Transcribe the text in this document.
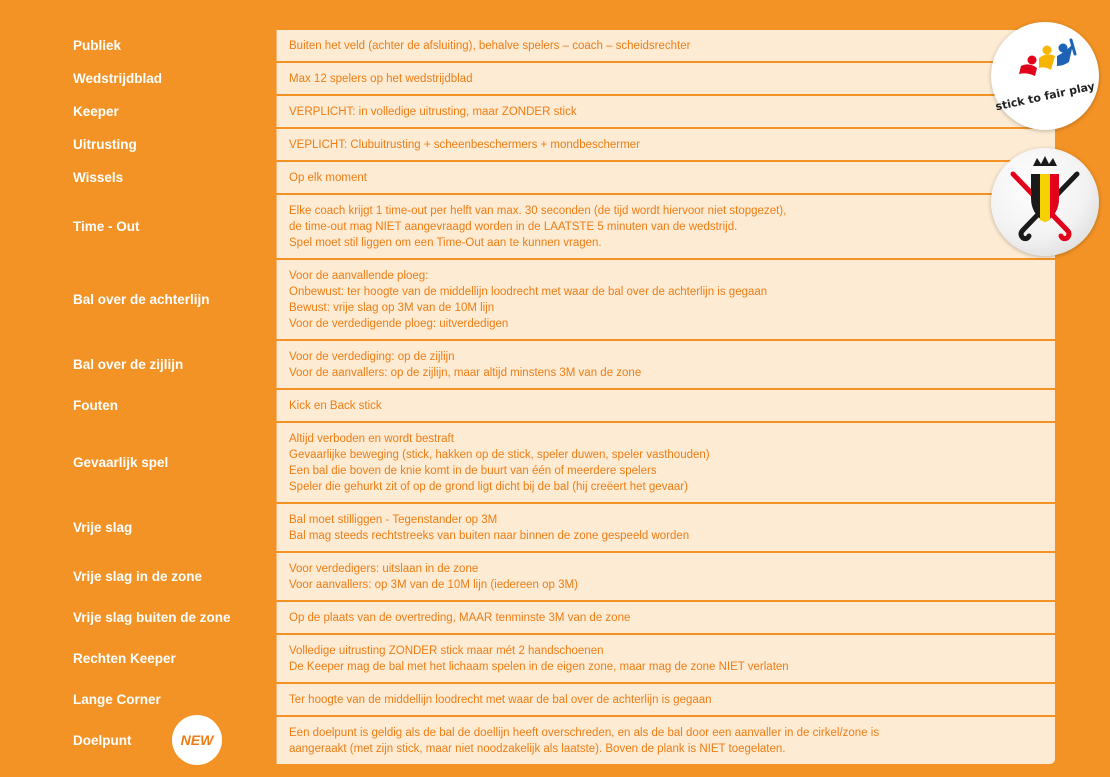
Publiek	Buiten het veld (achter de afsluiting), behalve spelers – coach – scheidsrechter

Wedstrijdblad	Max 12 spelers op het wedstrijdblad

Keeper	VERPLICHT: in volledige uitrusting, maar ZONDER stick

Uitrusting	VEPLICHT: Clubuitrusting + scheenbeschermers + mondbeschermer

Wissels	Op elk moment

Time - Out	Elke coach krijgt 1 time-out per helft van max. 30 seconden (de tijd wordt hiervoor niet stopgezet),
de time-out mag NIET aangevraagd worden in de LAATSTE 5 minuten van de wedstrijd.
Spel moet stil liggen om een Time-Out aan te kunnen vragen.

Bal over de achterlijn	Voor de aanvallende ploeg:
Onbewust: ter hoogte van de middellijn loodrecht met waar de bal over de achterlijn is gegaan
Bewust: vrije slag op 3M van de 10M lijn
Voor de verdedigende ploeg: uitverdedigen

Bal over de zijlijn	Voor de verdediging: op de zijlijn
Voor de aanvallers: op de zijlijn, maar altijd minstens 3M van de zone

Fouten	Kick en Back stick

Gevaarlijk spel	Altijd verboden en wordt bestraft
Gevaarlijke beweging (stick, hakken op de stick, speler duwen, speler vasthouden)
Een bal die boven de knie komt in de buurt van één of meerdere spelers
Speler die gehurkt zit of op de grond ligt dicht bij de bal (hij creëert het gevaar)

Vrije slag	Bal moet stilliggen - Tegenstander op 3M
Bal mag steeds rechtstreeks van buiten naar binnen de zone gespeeld worden

Vrije slag in de zone	Voor verdedigers: uitslaan in de zone
Voor aanvallers: op 3M van de 10M lijn (iedereen op 3M)

Vrije slag buiten de zone	Op de plaats van de overtreding, MAAR tenminste 3M van de zone

Rechten Keeper	Volledige uitrusting ZONDER stick maar mét 2 handschoenen
De Keeper mag de bal met het lichaam spelen in de eigen zone, maar mag de zone NIET verlaten

Lange Corner	Ter hoogte van de middellijn loodrecht met waar de bal over de achterlijn is gegaan

Doelpunt	Een doelpunt is geldig als de bal de doellijn heeft overschreden, en als de bal door een aanvaller in de cirkel/zone is
aangeraakt (met zijn stick, maar niet noodzakelijk als laatste). Boven de plank is NIET toegelaten.
stick to fair play
NEW
